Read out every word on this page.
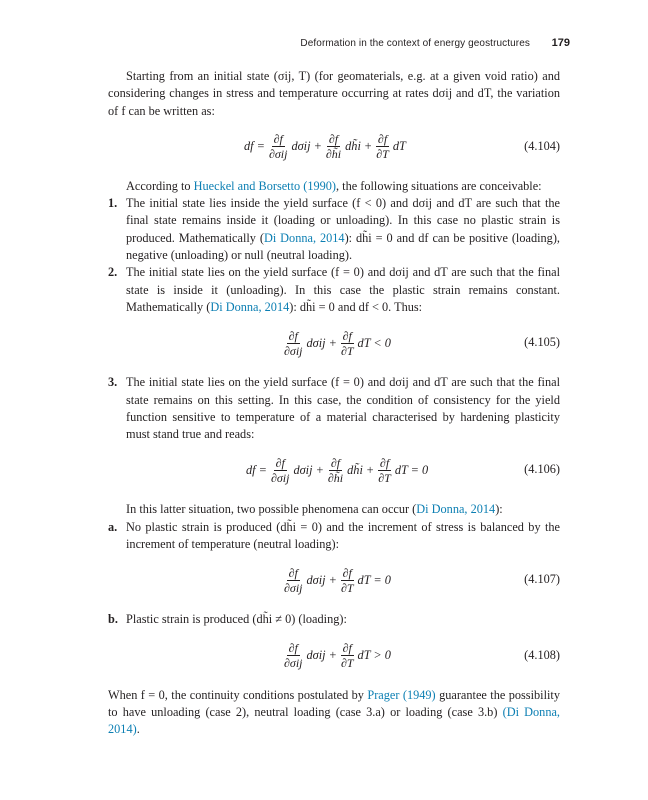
Deformation in the context of energy geostructures 179

Starting from an initial state (σij, T) (for geomaterials, e.g. at a given void ratio) and considering changes in stress and temperature occurring at rates dσij and dT, the variation of f can be written as:

df = $\frac{\partial f}{\text{∂σij}}$ $d\sigma ij + \frac{\partial f}{\partial h̃i}$ dh̃i + $\frac{\partial f}{\partial T}$ dT	(4.104)

According to Hueckel and Borsetto (1990), the following situations are conceivable:

1. The initial state lies inside the yield surface (f < 0) and dσij and dT are such that the final state remains inside it (loading or unloading). In this case no plastic strain is produced. Mathematically (Di Donna, 2014): dh̃i = 0 and df can be positive (loading), negative (unloading) or null (neutral loading).
2. The initial state lies on the yield surface (f = 0) and dσij and dT are such that the final state is inside it (unloading). In this case the plastic strain remains constant. Mathematically (Di Donna, 2014): dh̃i = 0 and df < 0. Thus:
$\frac{\partial f}{\text{∂σij}}$ $d\sigma ij + \frac{\partial f}{\partial T}$ dT < 0	(4.105)
3. The initial state lies on the yield surface (f = 0) and dσij and dT are such that the final state remains on this setting. In this case, the condition of consistency for the yield function sensitive to temperature of a material characterised by hardening plasticity must stand true and reads:
df = $\frac{\partial f}{\text{∂σij}}$ $d\sigma ij + \frac{\partial f}{\partial h̃i}$ dh̃i + $\frac{\partial f}{\partial T}$ dT = 0	(4.106)

In this latter situation, two possible phenomena can occur (Di Donna, 2014):

a. No plastic strain is produced (dh̃i = 0) and the increment of stress is balanced by the increment of temperature (neutral loading):
$\frac{\partial f}{\text{∂σij}}$ $d\sigma ij + \frac{\partial f}{\partial T}$ dT = 0	(4.107)
b. Plastic strain is produced (dh̃i ≠ 0) (loading):
$\frac{\partial f}{\text{∂σij}}$ $d\sigma ij + \frac{\partial f}{\partial T}$ dT > 0	(4.108)

When f = 0, the continuity conditions postulated by Prager (1949) guarantee the possibility to have unloading (case 2), neutral loading (case 3.a) or loading (case 3.b) (Di Donna, 2014).
